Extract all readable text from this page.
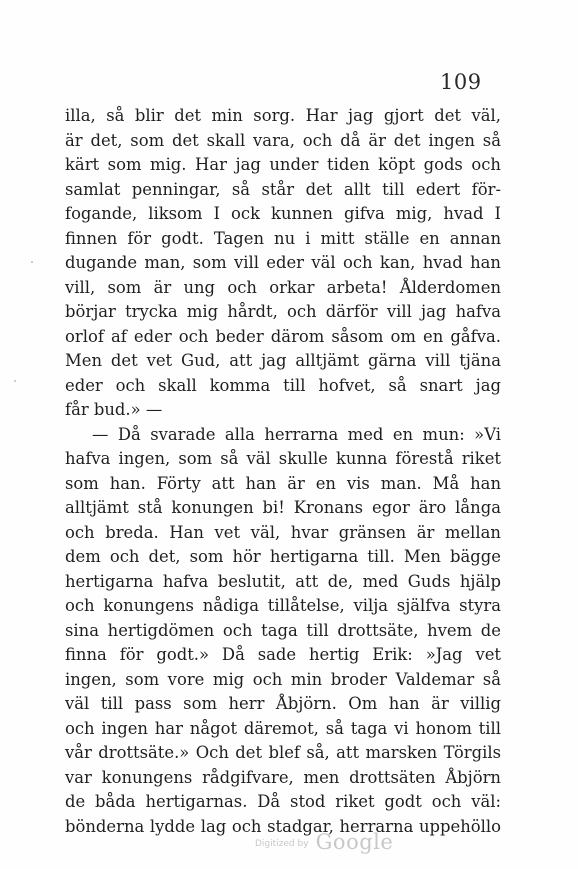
109
illa, så blir det min sorg. Har jag gjort det väl,
är det, som det skall vara, och då är det ingen så
kärt som mig. Har jag under tiden köpt gods och
samlat penningar, så står det allt till edert för-
fogande, liksom I ock kunnen gifva mig, hvad I
finnen för godt. Tagen nu i mitt ställe en annan
dugande man, som vill eder väl och kan, hvad han
vill, som är ung och orkar arbeta! Ålderdomen
börjar trycka mig hårdt, och därför vill jag hafva
orlof af eder och beder därom såsom om en gåfva.
Men det vet Gud, att jag alltjämt gärna vill tjäna
eder och skall komma till hofvet, så snart jag
får bud.» —
— Då svarade alla herrarna med en mun: »Vi
hafva ingen, som så väl skulle kunna förestå riket
som han. Förty att han är en vis man. Må han
alltjämt stå konungen bi! Kronans egor äro långa
och breda. Han vet väl, hvar gränsen är mellan
dem och det, som hör hertigarna till. Men bägge
hertigarna hafva beslutit, att de, med Guds hjälp
och konungens nådiga tillåtelse, vilja själfva styra
sina hertigdömen och taga till drottsäte, hvem de
finna för godt.» Då sade hertig Erik: »Jag vet
ingen, som vore mig och min broder Valdemar så
väl till pass som herr Åbjörn. Om han är villig
och ingen har något däremot, så taga vi honom till
vår drottsäte.» Och det blef så, att marsken Törgils
var konungens rådgifvare, men drottsäten Åbjörn
de båda hertigarnas. Då stod riket godt och väl:
bönderna lydde lag och stadgar, herrarna uppehöllo
Digitized by Google
